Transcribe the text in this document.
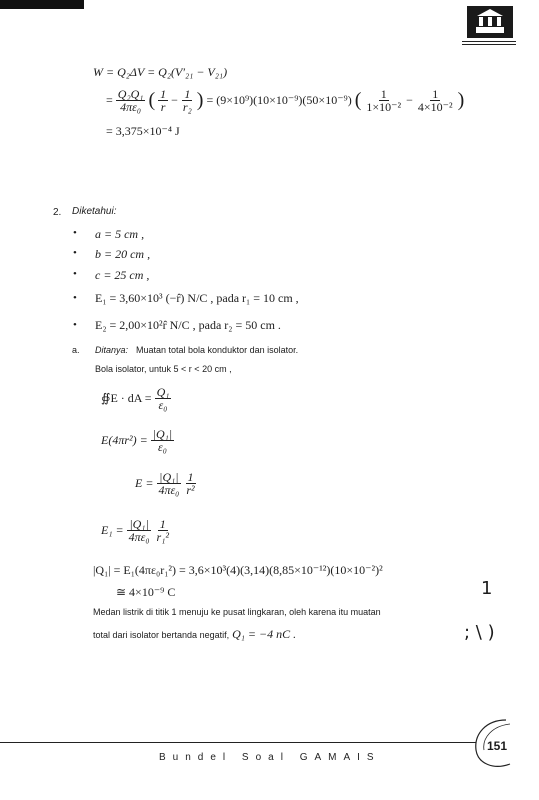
W = Q₂ΔV = Q₂(V′₂₁ − V₂₁)
= $\frac{\text{Q₂Q₁}}{\text{4πε₀}}$ ( $\frac{1}{r} - \frac{1}{\text{r₂}}$ ) = (9×10⁹)(10×10⁻⁹)(50×10⁻⁹) ( $\frac{1}{\text{1×10⁻²}} - \frac{1}{\text{4×10⁻²}}$ )
= 3,375×10⁻⁴ J
2. Diketahui:
• a = 5 cm ,
• b = 20 cm ,
• c = 25 cm ,
• E₁ = 3,60×10³ (−r̂) N/C , pada r₁ = 10 cm ,
• E₂ = 2,00×10²r̂ N/C , pada r₂ = 50 cm .
a. Ditanya: Muatan total bola konduktor dan isolator.
Bola isolator, untuk 5 < r < 20 cm ,
∯E · dA = $\frac{\text{Q₁}}{\text{ε₀}}$
$E(4\pi r^2) = \frac{\text{|Q₁|}}{\text{ε₀}}$
$E = \frac{\text{|Q₁|}}{\text{4πε₀}} \frac{1}{\text{r²}}$
$E_1 = \frac{\text{|Q₁|}}{\text{4πε₀}} \frac{1}{\text{r₁²}}$
|Q₁| = E₁(4πε₀r₁²) = 3,6×10³(4)(3,14)(8,85×10⁻¹²)(10×10⁻²)²
≅ 4×10⁻⁹ C	1
Medan listrik di titik 1 menuju ke pusat lingkaran, oleh karena itu muatan
total dari isolator bertanda negatif, Q₁ = −4 nC .	; \ )
151
Bundel Soal GAMAIS
